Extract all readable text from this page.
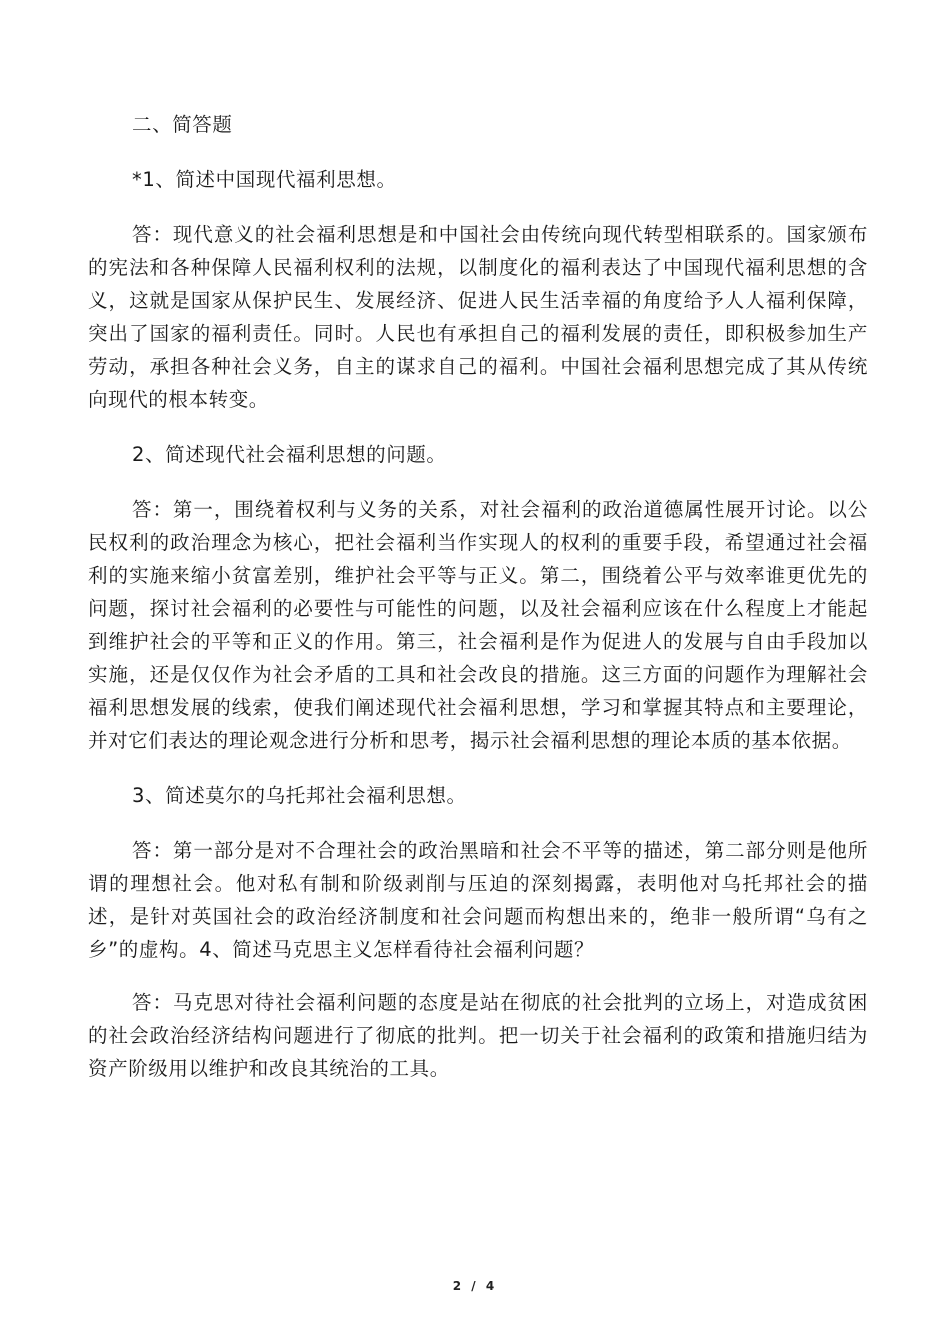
二、简答题

*1、简述中国现代福利思想。

答：现代意义的社会福利思想是和中国社会由传统向现代转型相联系的。国家颁布的宪法和各种保障人民福利权利的法规，以制度化的福利表达了中国现代福利思想的含义，这就是国家从保护民生、发展经济、促进人民生活幸福的角度给予人人福利保障，突出了国家的福利责任。同时。人民也有承担自己的福利发展的责任，即积极参加生产劳动，承担各种社会义务，自主的谋求自己的福利。中国社会福利思想完成了其从传统向现代的根本转变。

2、简述现代社会福利思想的问题。

答：第一，围绕着权利与义务的关系，对社会福利的政治道德属性展开讨论。以公民权利的政治理念为核心，把社会福利当作实现人的权利的重要手段，希望通过社会福利的实施来缩小贫富差别，维护社会平等与正义。第二，围绕着公平与效率谁更优先的问题，探讨社会福利的必要性与可能性的问题，以及社会福利应该在什么程度上才能起到维护社会的平等和正义的作用。第三，社会福利是作为促进人的发展与自由手段加以实施，还是仅仅作为社会矛盾的工具和社会改良的措施。这三方面的问题作为理解社会福利思想发展的线索，使我们阐述现代社会福利思想，学习和掌握其特点和主要理论，并对它们表达的理论观念进行分析和思考，揭示社会福利思想的理论本质的基本依据。

3、简述莫尔的乌托邦社会福利思想。

答：第一部分是对不合理社会的政治黑暗和社会不平等的描述，第二部分则是他所谓的理想社会。他对私有制和阶级剥削与压迫的深刻揭露，表明他对乌托邦社会的描述，是针对英国社会的政治经济制度和社会问题而构想出来的，绝非一般所谓“乌有之乡”的虚构。4、简述马克思主义怎样看待社会福利问题？

答：马克思对待社会福利问题的态度是站在彻底的社会批判的立场上，对造成贫困的社会政治经济结构问题进行了彻底的批判。把一切关于社会福利的政策和措施归结为资产阶级用以维护和改良其统治的工具。

2 / 4
